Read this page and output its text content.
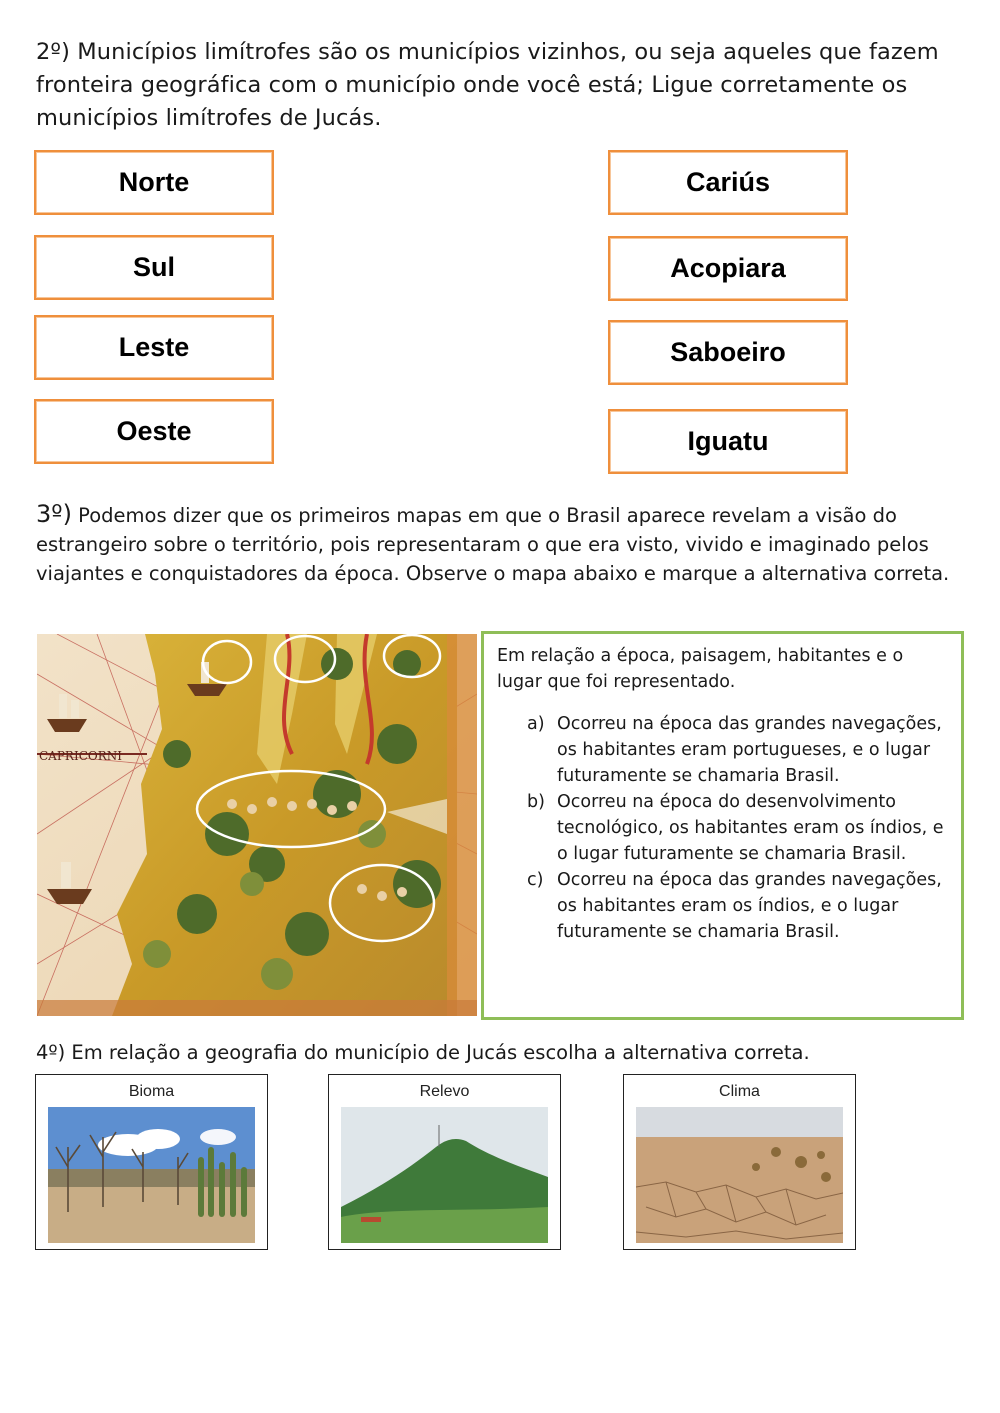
2º) Municípios limítrofes são os municípios vizinhos, ou seja aqueles que fazem fronteira geográfica com o município onde você está; Ligue corretamente os municípios limítrofes de Jucás.
Norte
Sul
Leste
Oeste
Cariús
Acopiara
Saboeiro
Iguatu
3º) Podemos dizer que os primeiros mapas em que o Brasil aparece revelam a visão do estrangeiro sobre o território, pois representaram o que era visto, vivido e imaginado pelos viajantes e conquistadores da época. Observe o mapa abaixo e marque a alternativa correta.
CAPRICORNI
Em relação a época, paisagem, habitantes e o lugar que foi representado.
a) Ocorreu na época das grandes navegações, os habitantes eram portugueses, e o lugar futuramente se chamaria Brasil.
b) Ocorreu na época do desenvolvimento tecnológico, os habitantes eram os índios, e o lugar futuramente se chamaria Brasil.
c) Ocorreu na época das grandes navegações, os habitantes eram os índios, e o lugar futuramente se chamaria Brasil.
4º) Em relação a geografia do município de Jucás escolha a alternativa correta.
Bioma	Relevo	Clima
